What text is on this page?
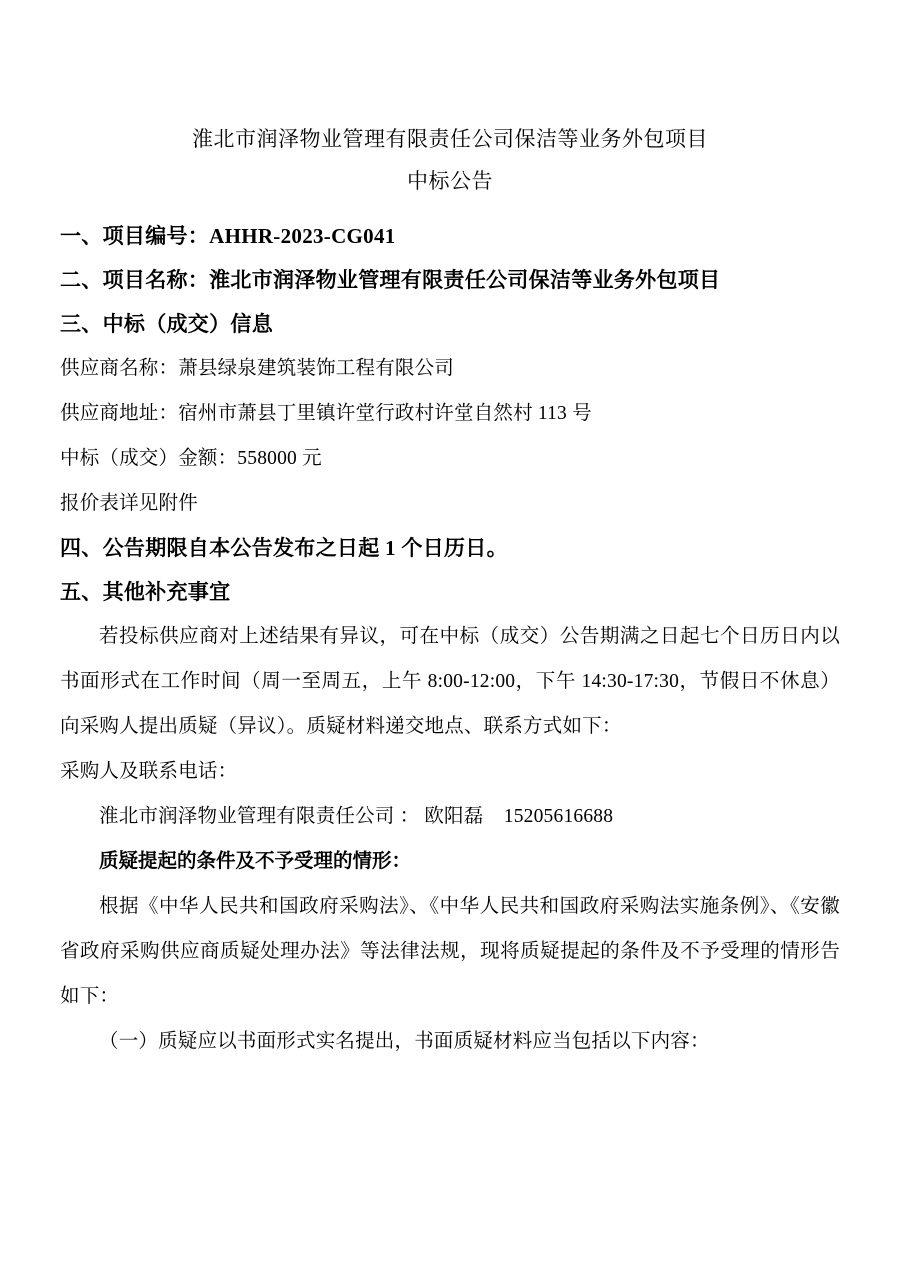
淮北市润泽物业管理有限责任公司保洁等业务外包项目
中标公告
一、项目编号：AHHR-2023-CG041
二、项目名称：淮北市润泽物业管理有限责任公司保洁等业务外包项目
三、中标（成交）信息
供应商名称：萧县绿泉建筑装饰工程有限公司
供应商地址：宿州市萧县丁里镇许堂行政村许堂自然村 113 号
中标（成交）金额：558000 元
报价表详见附件
四、公告期限自本公告发布之日起 1 个日历日。
五、其他补充事宜
若投标供应商对上述结果有异议，可在中标（成交）公告期满之日起七个日历日内以书面形式在工作时间（周一至周五，上午 8:00-12:00，下午 14:30-17:30，节假日不休息）向采购人提出质疑（异议）。质疑材料递交地点、联系方式如下：
采购人及联系电话：
淮北市润泽物业管理有限责任公司 ： 欧阳磊    15205616688
质疑提起的条件及不予受理的情形：
根据《中华人民共和国政府采购法》、《中华人民共和国政府采购法实施条例》、《安徽省政府采购供应商质疑处理办法》等法律法规，现将质疑提起的条件及不予受理的情形告如下：
（一）质疑应以书面形式实名提出，书面质疑材料应当包括以下内容：
